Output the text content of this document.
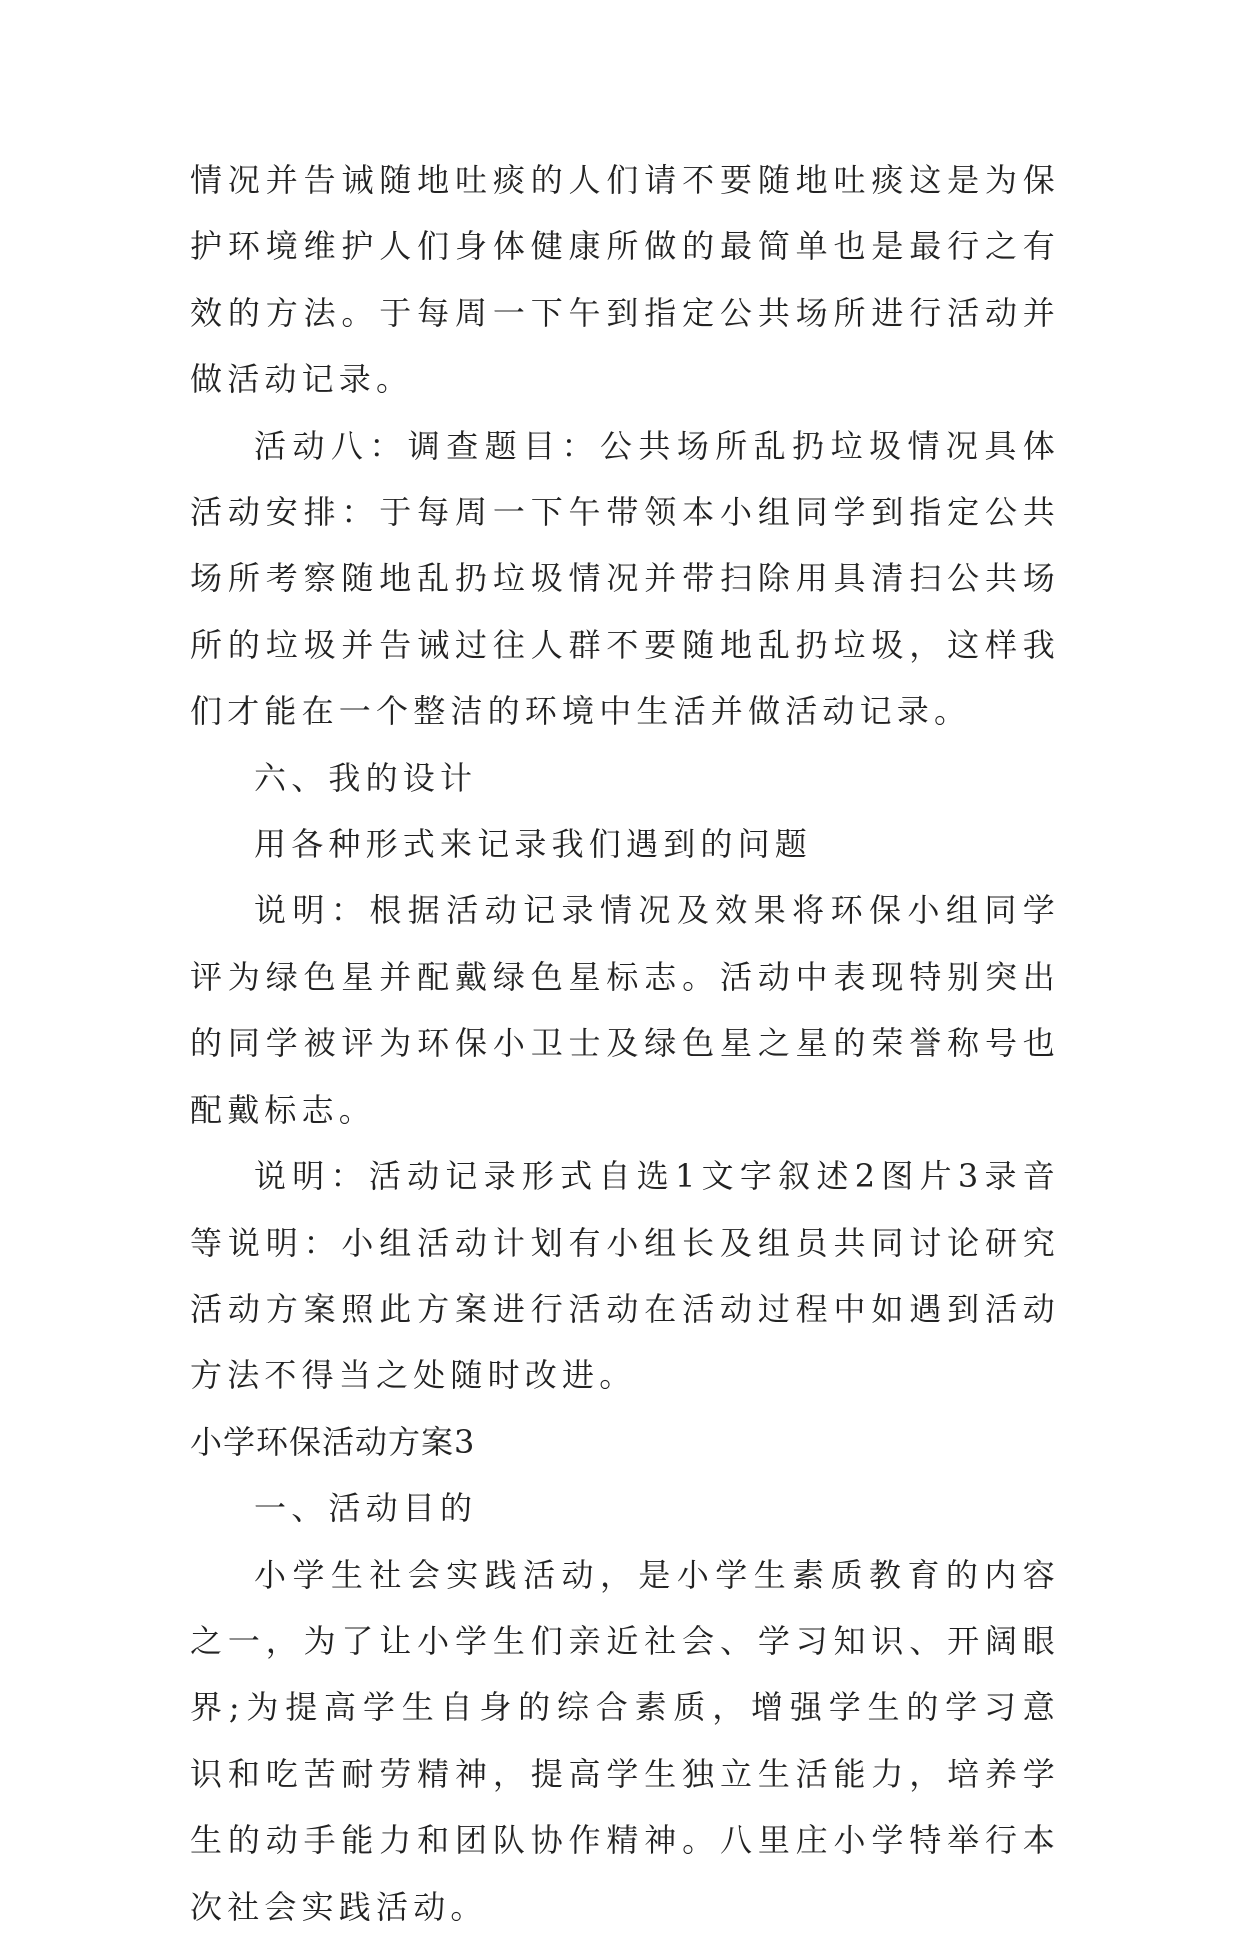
情况并告诫随地吐痰的人们请不要随地吐痰这是为保护环境维护人们身体健康所做的最简单也是最行之有效的方法。于每周一下午到指定公共场所进行活动并做活动记录。

活动八：调查题目：公共场所乱扔垃圾情况具体活动安排：于每周一下午带领本小组同学到指定公共场所考察随地乱扔垃圾情况并带扫除用具清扫公共场所的垃圾并告诫过往人群不要随地乱扔垃圾，这样我们才能在一个整洁的环境中生活并做活动记录。

六、我的设计

用各种形式来记录我们遇到的问题

说明：根据活动记录情况及效果将环保小组同学评为绿色星并配戴绿色星标志。活动中表现特别突出的同学被评为环保小卫士及绿色星之星的荣誉称号也配戴标志。

说明：活动记录形式自选1文字叙述2图片3录音等说明：小组活动计划有小组长及组员共同讨论研究活动方案照此方案进行活动在活动过程中如遇到活动方法不得当之处随时改进。

小学环保活动方案3

一、活动目的

小学生社会实践活动，是小学生素质教育的内容之一，为了让小学生们亲近社会、学习知识、开阔眼界;为提高学生自身的综合素质，增强学生的学习意识和吃苦耐劳精神，提高学生独立生活能力，培养学生的动手能力和团队协作精神。八里庄小学特举行本次社会实践活动。
